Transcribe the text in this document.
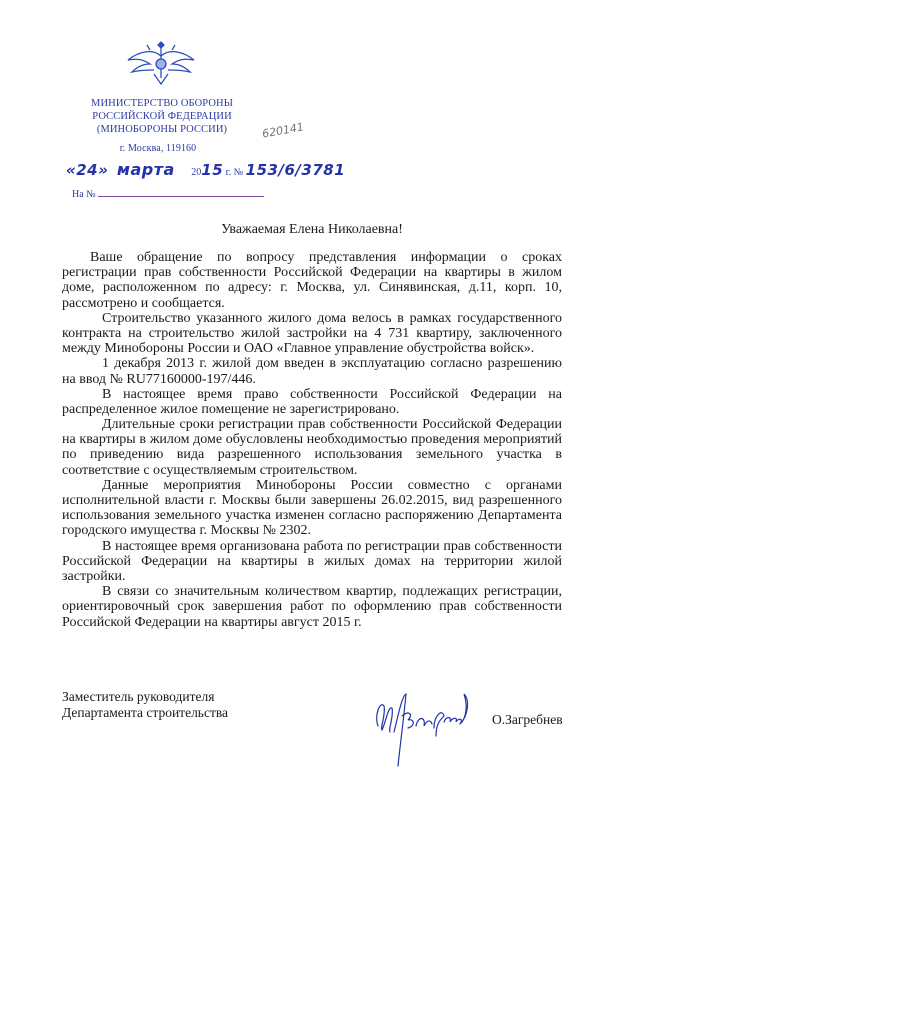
МИНИСТЕРСТВО ОБОРОНЫ
РОССИЙСКОЙ ФЕДЕРАЦИИ
(МИНОБОРОНЫ РОССИИ)	620141
г. Москва, 119160
«24» марта 2015 г. № 153/6/3781
На №
Уважаемая Елена Николаевна!
Ваше обращение по вопросу представления информации о сроках
регистрации прав собственности Российской Федерации на квартиры в жилом
доме, расположенном по адресу: г. Москва, ул. Синявинская, д.11, корп. 10,
рассмотрено и сообщается.
Строительство указанного жилого дома велось в рамках государственного
контракта на строительство жилой застройки на 4 731 квартиру, заключенного
между Минобороны России и ОАО «Главное управление обустройства войск».
1 декабря 2013 г. жилой дом введен в эксплуатацию согласно разрешению
на ввод № RU77160000-197/446.
В настоящее время право собственности Российской Федерации на
распределенное жилое помещение не зарегистрировано.
Длительные сроки регистрации прав собственности Российской Федерации
на квартиры в жилом доме обусловлены необходимостью проведения мероприятий
по приведению вида разрешенного использования земельного участка в
соответствие с осуществляемым строительством.
Данные мероприятия Минобороны России совместно с органами
исполнительной власти г. Москвы были завершены 26.02.2015, вид разрешенного
использования земельного участка изменен согласно распоряжению Департамента
городского имущества г. Москвы № 2302.
В настоящее время организована работа по регистрации прав собственности
Российской Федерации на квартиры в жилых домах на территории жилой
застройки.
В связи со значительным количеством квартир, подлежащих регистрации,
ориентировочный срок завершения работ по оформлению прав собственности
Российской Федерации на квартиры август 2015 г.
Заместитель руководителя
Департамента строительства	О.Загребнев
